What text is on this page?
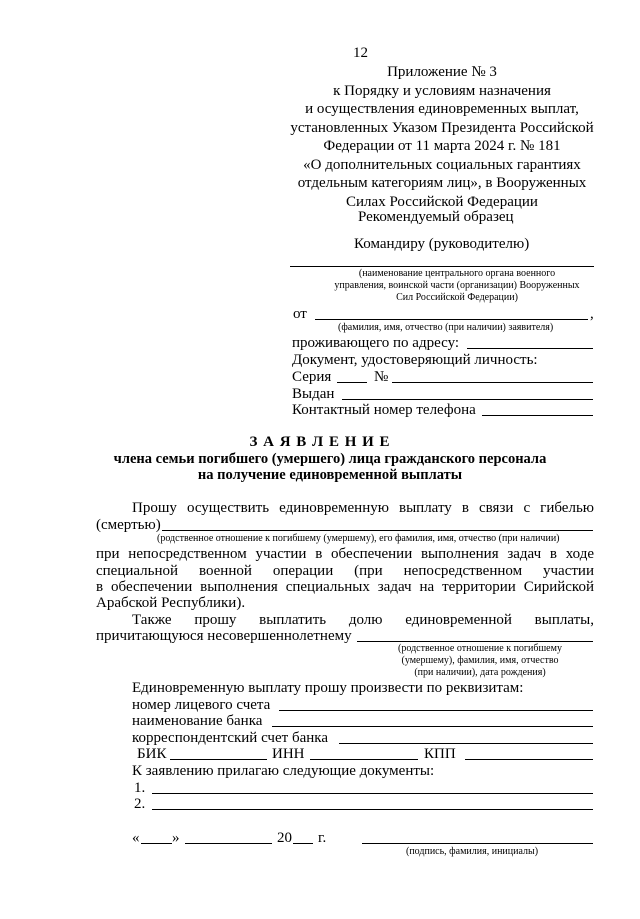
12
Приложение № 3
к Порядку и условиям назначения
и осуществления единовременных выплат,
установленных Указом Президента Российской
Федерации от 11 марта 2024 г. № 181
«О дополнительных социальных гарантиях
отдельным категориям лиц», в Вооруженных
Силах Российской Федерации
Рекомендуемый образец
Командиру (руководителю)
(наименование центрального органа военного
управления, воинской части (организации) Вооруженных
Сил Российской Федерации)
от	,
(фамилия, имя, отчество (при наличии) заявителя)
проживающего по адресу:
Документ, удостоверяющий личность:
Серия	№
Выдан
Контактный номер телефона
З А Я В Л Е Н И Е
члена семьи погибшего (умершего) лица гражданского персонала
на получение единовременной выплаты
Прошу осуществить единовременную выплату в связи с гибелью
(смертью)
(родственное отношение к погибшему (умершему), его фамилия, имя, отчество (при наличии)
при непосредственном участии в обеспечении выполнения задач в ходе
специальной военной операции (при непосредственном участии
в обеспечении выполнения специальных задач на территории Сирийской
Арабской Республики).
Также прошу выплатить долю единовременной выплаты,
причитающуюся несовершеннолетнему
(родственное отношение к погибшему
(умершему), фамилия, имя, отчество
(при наличии), дата рождения)
Единовременную выплату прошу произвести по реквизитам:
номер лицевого счета
наименование банка
корреспондентский счет банка
БИК	ИНН	КПП
К заявлению прилагаю следующие документы:
1.
2.
« »	20 г.
(подпись, фамилия, инициалы)
